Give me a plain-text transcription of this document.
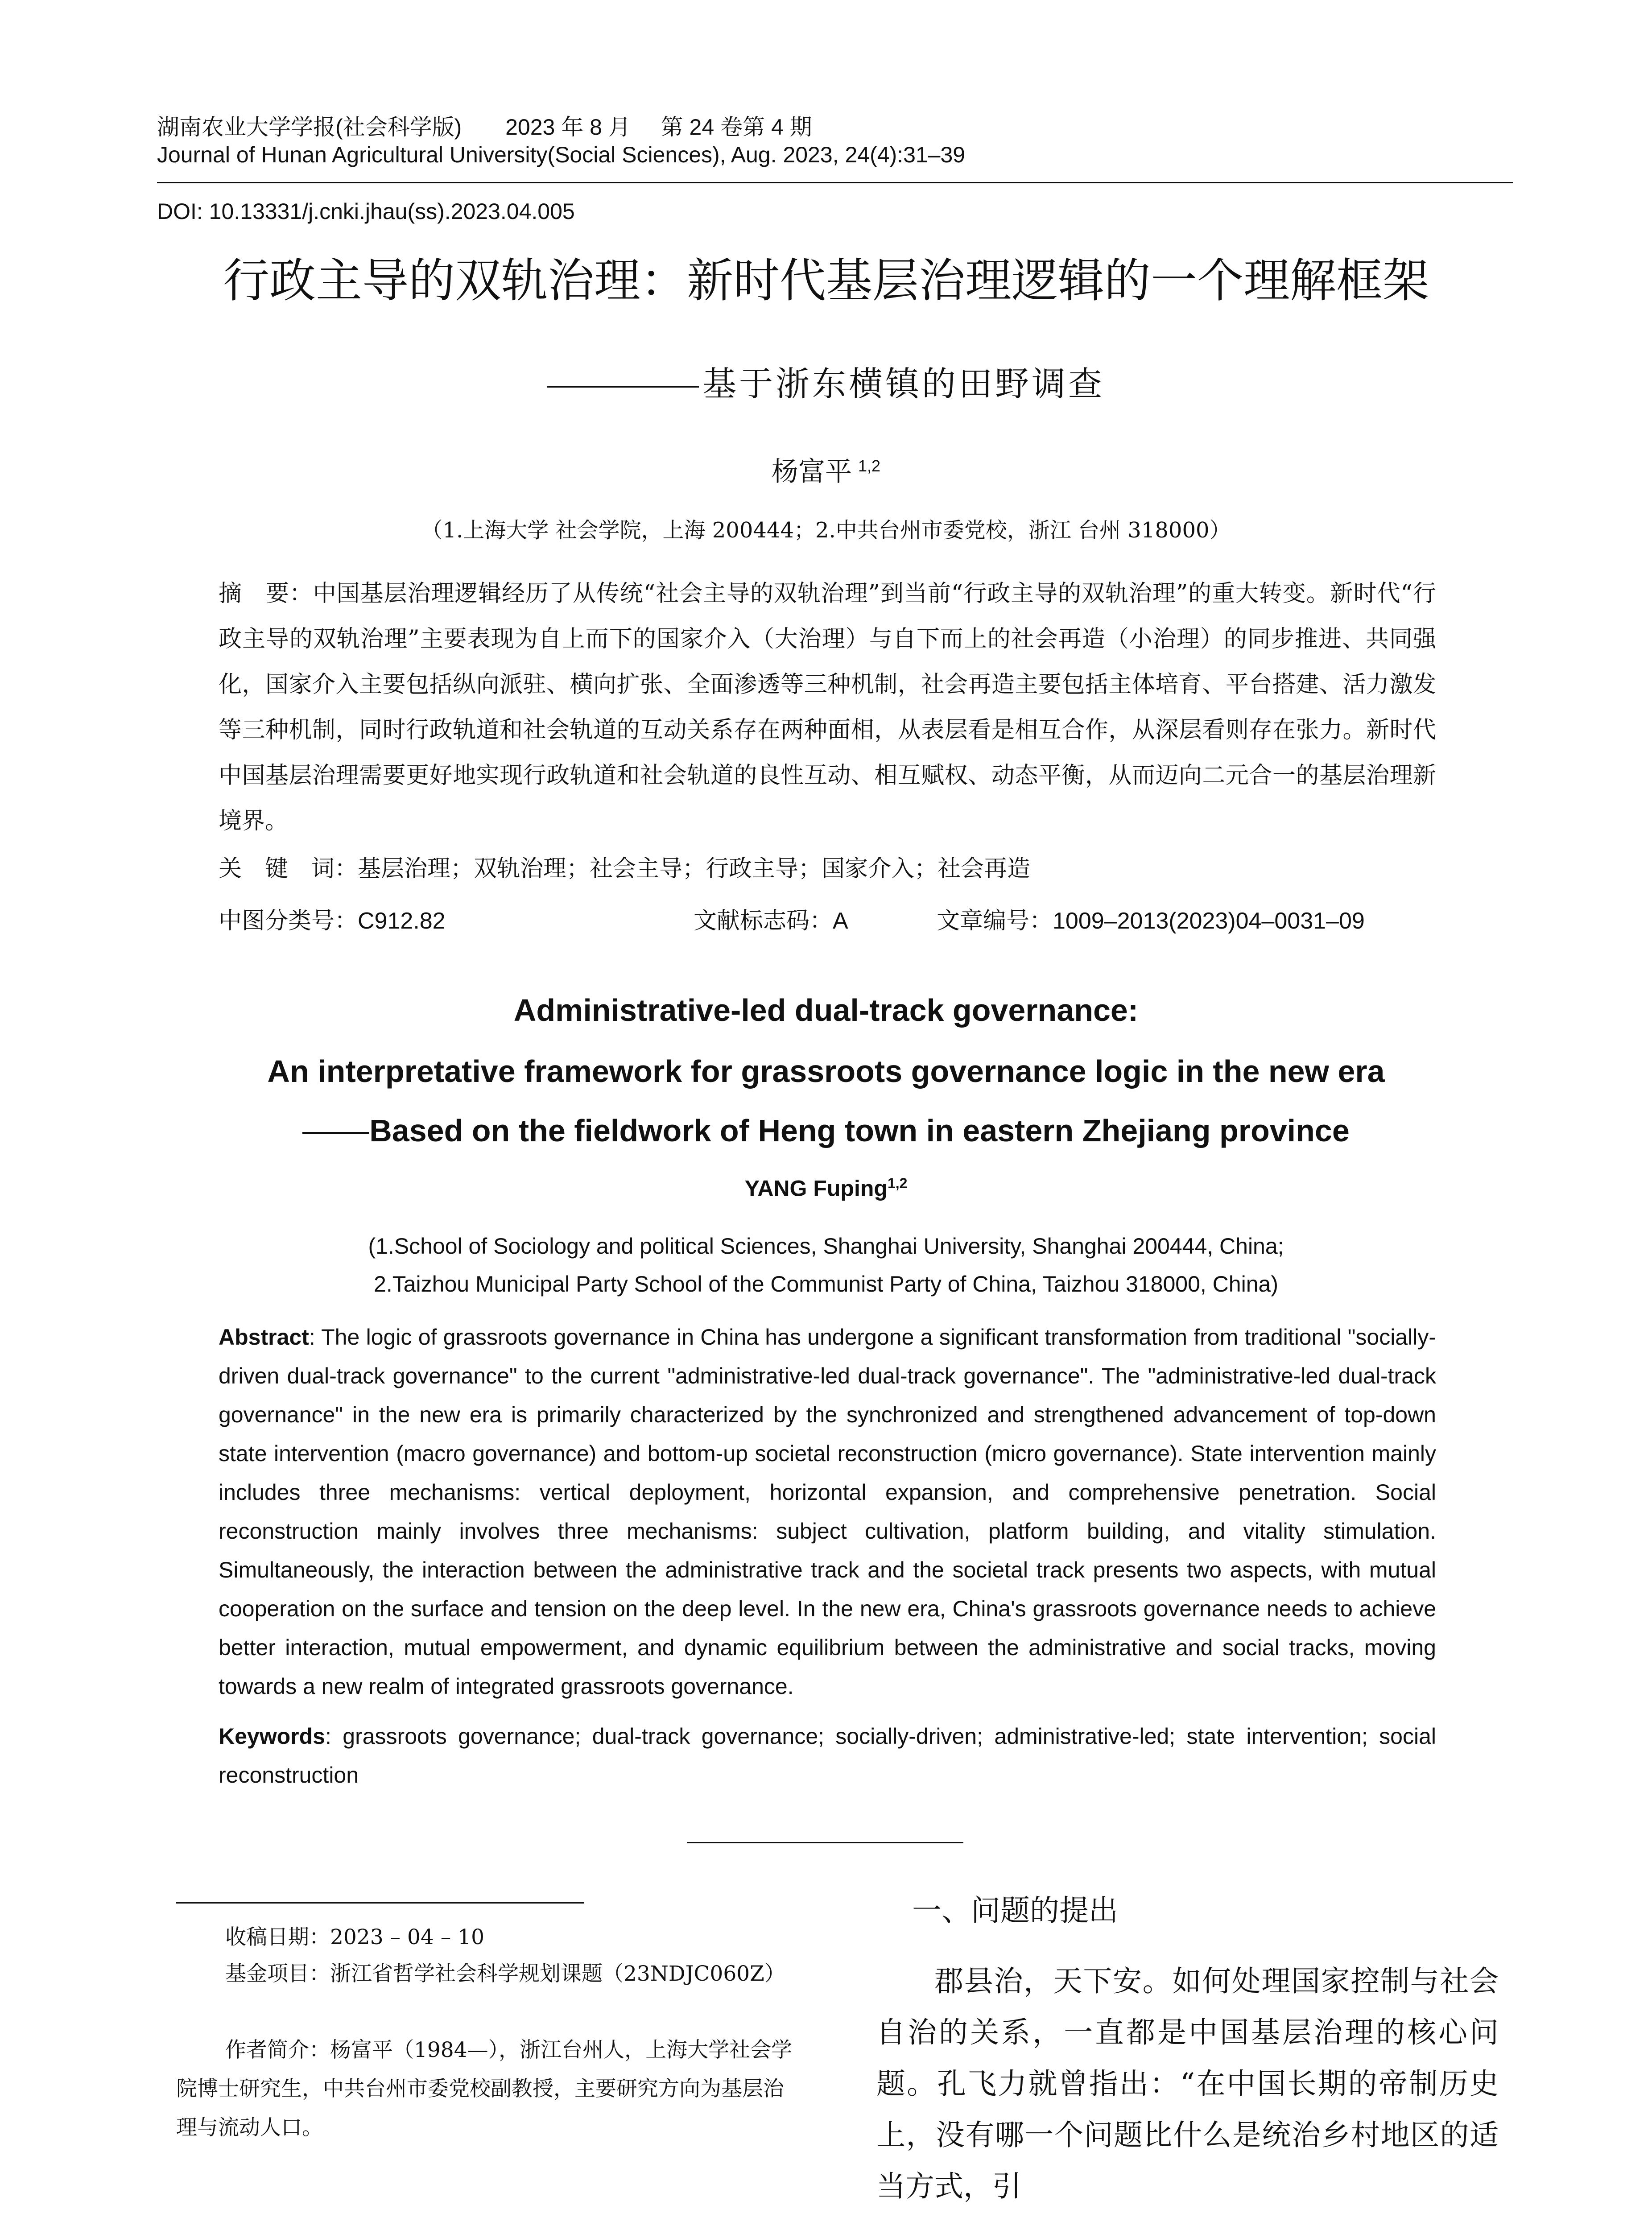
湖南农业大学学报(社会科学版) 2023 年 8 月 第 24 卷第 4 期
Journal of Hunan Agricultural University(Social Sciences), Aug. 2023, 24(4):31–39
DOI: 10.13331/j.cnki.jhau(ss).2023.04.005
行政主导的双轨治理：新时代基层治理逻辑的一个理解框架
基于浙东横镇的田野调查
杨富平 $^{1,2}$
（1.上海大学 社会学院，上海 200444；2.中共台州市委党校，浙江 台州 318000）
摘　要：中国基层治理逻辑经历了从传统“社会主导的双轨治理”到当前“行政主导的双轨治理”的重大转变。新时代“行政主导的双轨治理”主要表现为自上而下的国家介入（大治理）与自下而上的社会再造（小治理）的同步推进、共同强化，国家介入主要包括纵向派驻、横向扩张、全面渗透等三种机制，社会再造主要包括主体培育、平台搭建、活力激发等三种机制，同时行政轨道和社会轨道的互动关系存在两种面相，从表层看是相互合作，从深层看则存在张力。新时代中国基层治理需要更好地实现行政轨道和社会轨道的良性互动、相互赋权、动态平衡，从而迈向二元合一的基层治理新境界。
关　键　词：基层治理；双轨治理；社会主导；行政主导；国家介入；社会再造
中图分类号：C912.82	文献标志码：A	文章编号：1009–2013(2023)04–0031–09
Administrative-led dual-track governance:
An interpretative framework for grassroots governance logic in the new era
Based on the fieldwork of Heng town in eastern Zhejiang province
YANG Fuping$^{1,2}$
(1.School of Sociology and political Sciences, Shanghai University, Shanghai 200444, China;
2.Taizhou Municipal Party School of the Communist Party of China, Taizhou 318000, China)
Abstract: The logic of grassroots governance in China has undergone a significant transformation from traditional "socially-driven dual-track governance" to the current "administrative-led dual-track governance". The "administrative-led dual-track governance" in the new era is primarily characterized by the synchronized and strengthened advancement of top-down state intervention (macro governance) and bottom-up societal reconstruction (micro governance). State intervention mainly includes three mechanisms: vertical deployment, horizontal expansion, and comprehensive penetration. Social reconstruction mainly involves three mechanisms: subject cultivation, platform building, and vitality stimulation. Simultaneously, the interaction between the administrative track and the societal track presents two aspects, with mutual cooperation on the surface and tension on the deep level. In the new era, China's grassroots governance needs to achieve better interaction, mutual empowerment, and dynamic equilibrium between the administrative and social tracks, moving towards a new realm of integrated grassroots governance.
Keywords: grassroots governance; dual-track governance; socially-driven; administrative-led; state intervention; social reconstruction
收稿日期：2023 – 04 – 10
基金项目：浙江省哲学社会科学规划课题（23NDJC060Z）
作者简介：杨富平（1984—），浙江台州人，上海大学社会学院博士研究生，中共台州市委党校副教授，主要研究方向为基层治理与流动人口。
一、问题的提出
郡县治，天下安。如何处理国家控制与社会自治的关系，一直都是中国基层治理的核心问题。孔飞力就曾指出：“在中国长期的帝制历史上，没有哪一个问题比什么是统治乡村地区的适当方式，引
